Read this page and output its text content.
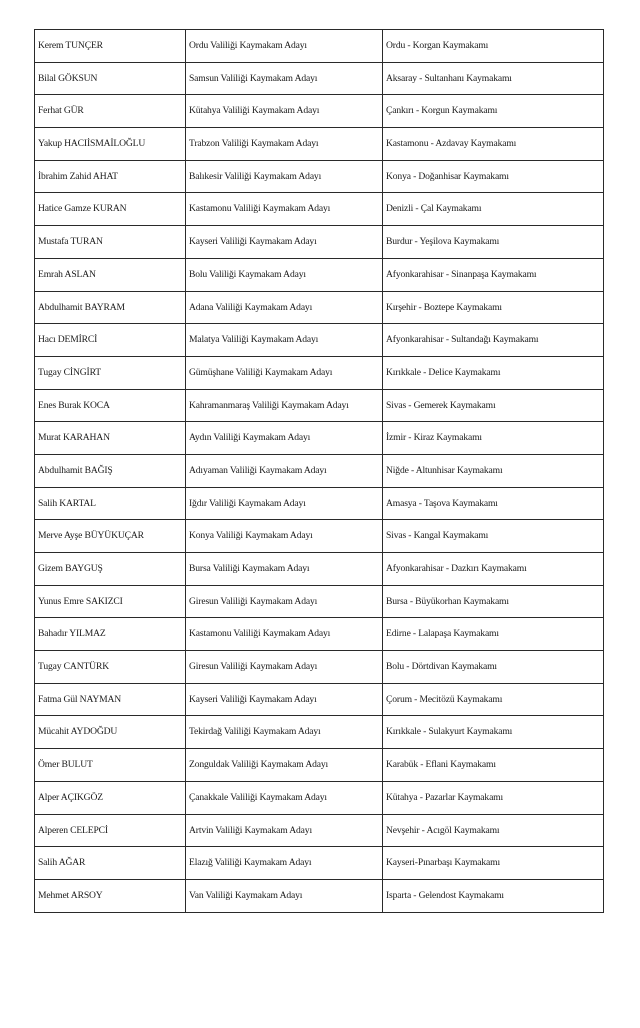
Kerem TUNÇER	Ordu Valiliği Kaymakam Adayı	Ordu - Korgan Kaymakamı
Bilal GÖKSUN	Samsun Valiliği Kaymakam Adayı	Aksaray - Sultanhanı Kaymakamı
Ferhat GÜR	Kütahya Valiliği Kaymakam Adayı	Çankırı - Korgun Kaymakamı
Yakup HACIİSMAİLOĞLU	Trabzon Valiliği Kaymakam Adayı	Kastamonu - Azdavay Kaymakamı
İbrahim Zahid AHAT	Balıkesir Valiliği Kaymakam Adayı	Konya - Doğanhisar Kaymakamı
Hatice Gamze KURAN	Kastamonu Valiliği Kaymakam Adayı	Denizli - Çal Kaymakamı
Mustafa TURAN	Kayseri Valiliği Kaymakam Adayı	Burdur - Yeşilova Kaymakamı
Emrah ASLAN	Bolu Valiliği Kaymakam Adayı	Afyonkarahisar - Sinanpaşa Kaymakamı
Abdulhamit BAYRAM	Adana Valiliği Kaymakam Adayı	Kırşehir - Boztepe Kaymakamı
Hacı DEMİRCİ	Malatya Valiliği Kaymakam Adayı	Afyonkarahisar - Sultandağı Kaymakamı
Tugay CİNGİRT	Gümüşhane Valiliği Kaymakam Adayı	Kırıkkale - Delice Kaymakamı
Enes Burak KOCA	Kahramanmaraş Valiliği Kaymakam Adayı	Sivas - Gemerek Kaymakamı
Murat KARAHAN	Aydın Valiliği Kaymakam Adayı	İzmir - Kiraz Kaymakamı
Abdulhamit BAĞIŞ	Adıyaman Valiliği Kaymakam Adayı	Niğde - Altunhisar Kaymakamı
Salih KARTAL	Iğdır Valiliği Kaymakam Adayı	Amasya - Taşova Kaymakamı
Merve Ayşe BÜYÜKUÇAR	Konya Valiliği Kaymakam Adayı	Sivas - Kangal Kaymakamı
Gizem BAYGUŞ	Bursa Valiliği Kaymakam Adayı	Afyonkarahisar - Dazkırı Kaymakamı
Yunus Emre SAKIZCI	Giresun Valiliği Kaymakam Adayı	Bursa - Büyükorhan Kaymakamı
Bahadır YILMAZ	Kastamonu Valiliği Kaymakam Adayı	Edirne - Lalapaşa Kaymakamı
Tugay CANTÜRK	Giresun Valiliği Kaymakam Adayı	Bolu - Dörtdivan Kaymakamı
Fatma Gül NAYMAN	Kayseri Valiliği Kaymakam Adayı	Çorum - Mecitözü Kaymakamı
Mücahit AYDOĞDU	Tekirdağ Valiliği Kaymakam Adayı	Kırıkkale - Sulakyurt Kaymakamı
Ömer BULUT	Zonguldak Valiliği Kaymakam Adayı	Karabük - Eflani Kaymakamı
Alper AÇIKGÖZ	Çanakkale Valiliği Kaymakam Adayı	Kütahya - Pazarlar Kaymakamı
Alperen CELEPCİ	Artvin Valiliği Kaymakam Adayı	Nevşehir - Acıgöl Kaymakamı
Salih AĞAR	Elazığ Valiliği Kaymakam Adayı	Kayseri-Pınarbaşı Kaymakamı
Mehmet ARSOY	Van Valiliği Kaymakam Adayı	Isparta - Gelendost Kaymakamı
